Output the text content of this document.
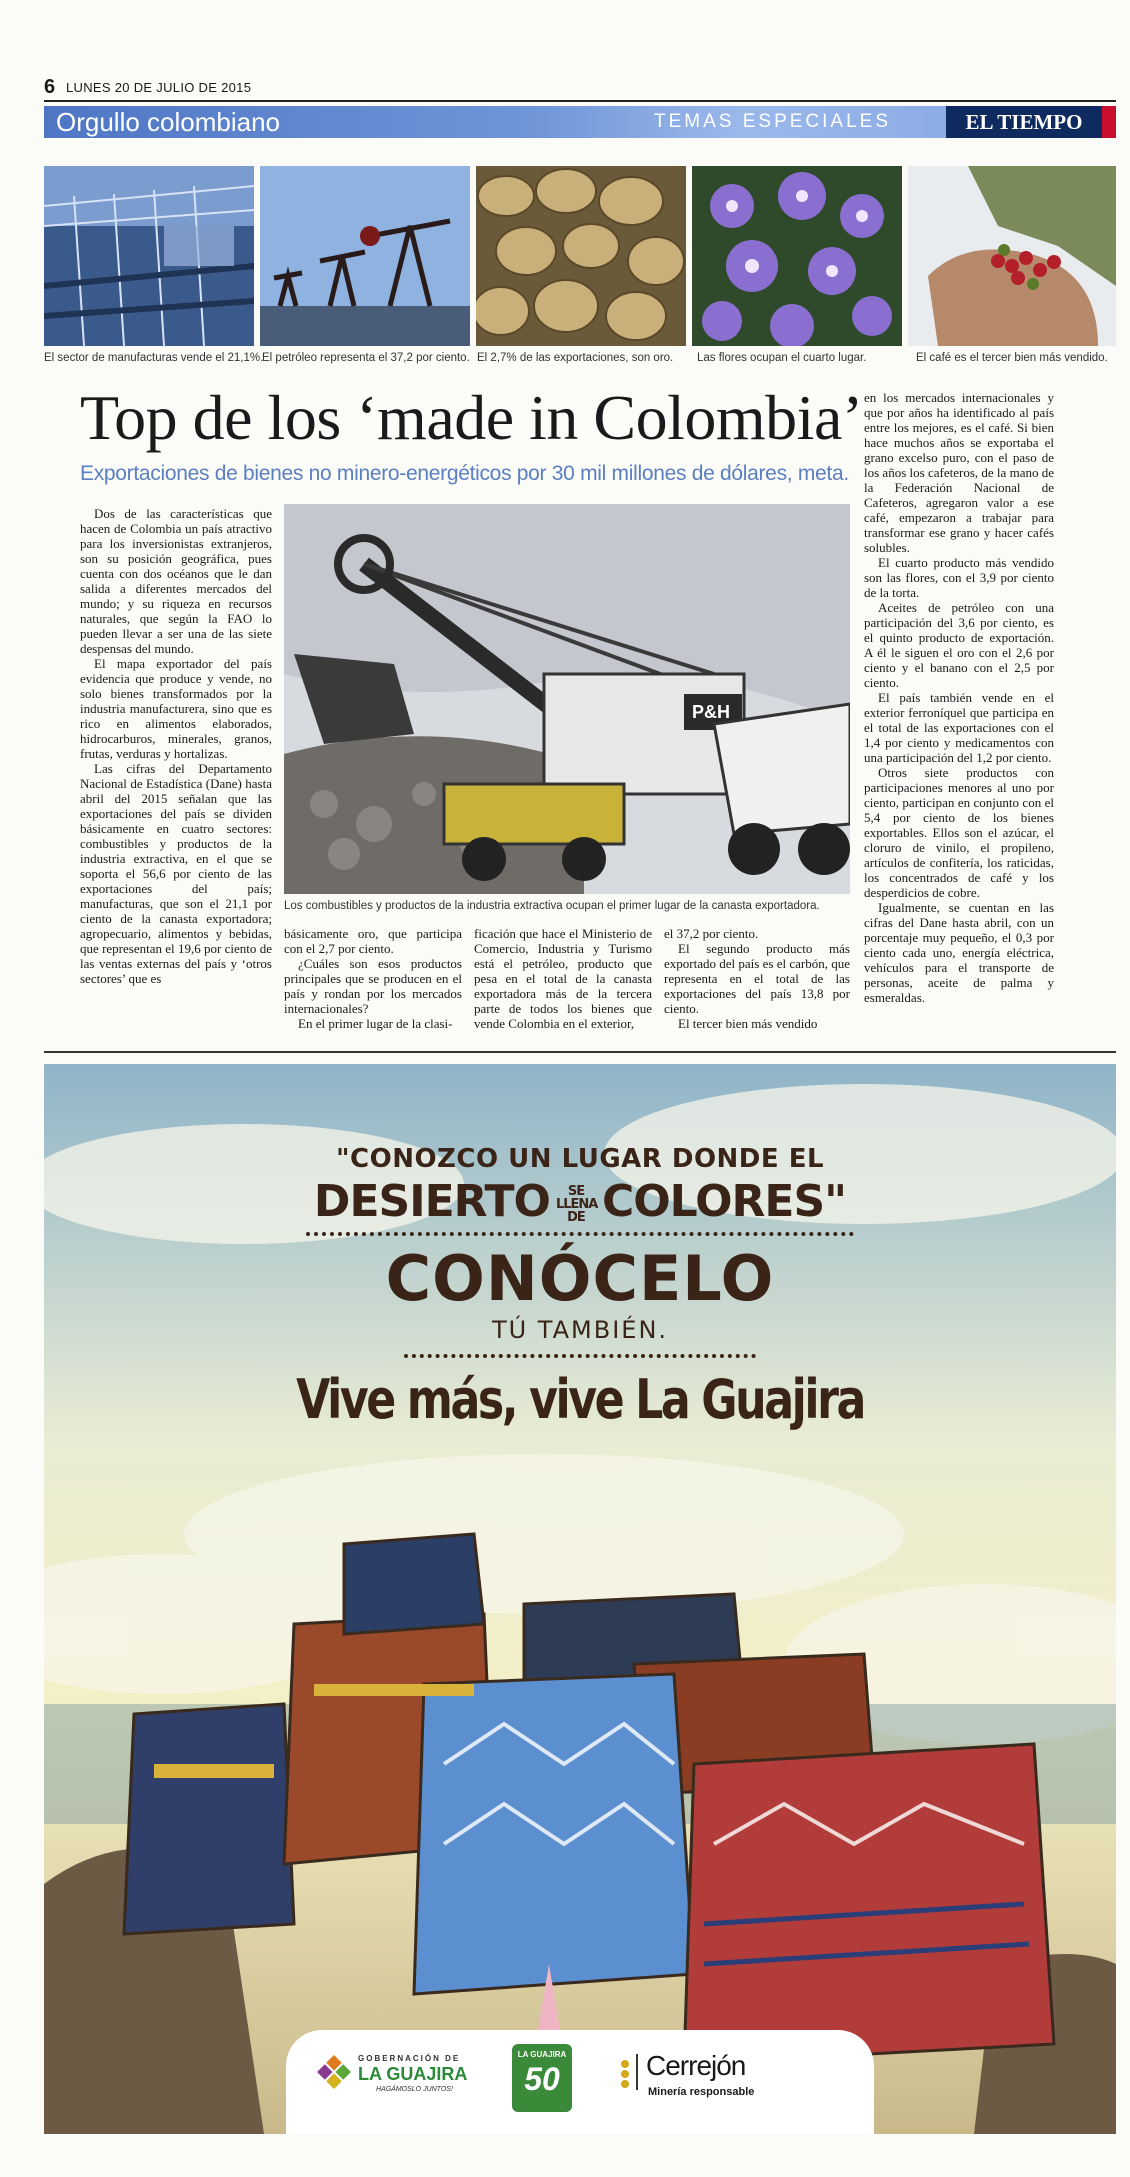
6 LUNES 20 DE JULIO DE 2015
Orgullo colombiano	TEMAS ESPECIALES	EL TIEMPO
El sector de manufacturas vende el 21,1%.
El petróleo representa el 37,2 por ciento. El 2,7% de las exportaciones, son oro. Las flores ocupan el cuarto lugar.	El café es el tercer bien más vendido.
Top de los ‘made in Colombia’
Exportaciones de bienes no minero-energéticos por 30 mil millones de dólares, meta.
P&H
Los combustibles y productos de la industria extractiva ocupan el primer lugar de la canasta exportadora.

Dos de las características que hacen de Colombia un país atractivo para los inversionistas extranjeros, son su posición geográfica, pues cuenta con dos océanos que le dan salida a diferentes mercados del mundo; y su riqueza en recursos naturales, que según la FAO lo pueden llevar a ser una de las siete despensas del mundo.

El mapa exportador del país evidencia que produce y vende, no solo bienes transformados por la industria manufacturera, sino que es rico en alimentos elaborados, hidrocarburos, minerales, granos, frutas, verduras y hortalizas.

Las cifras del Departamento Nacional de Estadística (Dane) hasta abril del 2015 señalan que las exportaciones del país se dividen básicamente en cuatro sectores: combustibles y productos de la industria extractiva, en el que se soporta el 56,6 por ciento de las exportaciones del país; manufacturas, que son el 21,1 por ciento de la canasta exportadora; agropecuario, alimentos y bebidas, que representan el 19,6 por ciento de las ventas externas del país y ‘otros sectores’ que es

básicamente oro, que participa con el 2,7 por ciento.

¿Cuáles son esos productos principales que se producen en el país y rondan por los mercados internacionales?

En el primer lugar de la clasi-

ficación que hace el Ministerio de Comercio, Industria y Turismo está el petróleo, producto que pesa en el total de la canasta exportadora más de la tercera parte de todos los bienes que vende Colombia en el exterior,

el 37,2 por ciento.

El segundo producto más exportado del país es el carbón, que representa en el total de las exportaciones del país 13,8 por ciento.

El tercer bien más vendido

en los mercados internacionales y que por años ha identificado al país entre los mejores, es el café. Si bien hace muchos años se exportaba el grano excelso puro, con el paso de los años los cafeteros, de la mano de la Federación Nacional de Cafeteros, agregaron valor a ese café, empezaron a trabajar para transformar ese grano y hacer cafés solubles.

El cuarto producto más vendido son las flores, con el 3,9 por ciento de la torta.

Aceites de petróleo con una participación del 3,6 por ciento, es el quinto producto de exportación. A él le siguen el oro con el 2,6 por ciento y el banano con el 2,5 por ciento.

El país también vende en el exterior ferroníquel que participa en el total de las exportaciones con el 1,4 por ciento y medicamentos con una participación del 1,2 por ciento.

Otros siete productos con participaciones menores al uno por ciento, participan en conjunto con el 5,4 por ciento de los bienes exportables. Ellos son el azúcar, el cloruro de vinilo, el propileno, artículos de confitería, los raticidas, los concentrados de café y los desperdicios de cobre.

Igualmente, se cuentan en las cifras del Dane hasta abril, con un porcentaje muy pequeño, el 0,3 por ciento cada uno, energía eléctrica, vehículos para el transporte de personas, aceite de palma y esmeraldas.

"CONOZCO UN LUGAR DONDE EL
DESIERTO SE LLENA DE COLORES"
CONÓCELO
TÚ TAMBIÉN.
Vive más, vive La Guajira
GOBERNACIÓN DE
LA GUAJIRA
HAGÁMOSLO JUNTOS!
LA GUAJIRA
50	Cerrejón
Minería responsable
